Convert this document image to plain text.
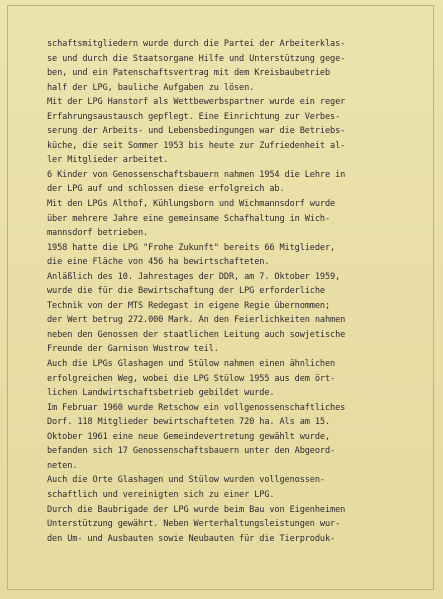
schaftsmitgliedern wurde durch die Partei der Arbeiterklas-
se und durch die Staatsorgane Hilfe und Unterstützung gege-
ben, und ein Patenschaftsvertrag mit dem Kreisbaubetrieb
half der LPG, bauliche Aufgaben zu lösen.
Mit der LPG Hanstorf als Wettbewerbspartner wurde ein reger
Erfahrungsaustausch gepflegt. Eine Einrichtung zur Verbes-
serung der Arbeits- und Lebensbedingungen war die Betriebs-
küche, die seit Sommer 1953 bis heute zur Zufriedenheit al-
ler Mitglieder arbeitet.
6 Kinder von Genossenschaftsbauern nahmen 1954 die Lehre in
der LPG auf und schlossen diese erfolgreich ab.
Mit den LPGs Althof, Kühlungsborn und Wichmannsdorf wurde
über mehrere Jahre eine gemeinsame Schafhaltung in Wich-
mannsdorf betrieben.
1958 hatte die LPG "Frohe Zukunft" bereits 66 Mitglieder,
die eine Fläche von 456 ha bewirtschafteten.
Anläßlich des 10. Jahrestages der DDR, am 7. Oktober 1959,
wurde die für die Bewirtschaftung der LPG erforderliche
Technik von der MTS Redegast in eigene Regie übernommen;
der Wert betrug 272.000 Mark. An den Feierlichkeiten nahmen
neben den Genossen der staatlichen Leitung auch sowjetische
Freunde der Garnison Wustrow teil.
Auch die LPGs Glashagen und Stülow nahmen einen ähnlichen
erfolgreichen Weg, wobei die LPG Stülow 1955 aus dem ört-
lichen Landwirtschaftsbetrieb gebildet wurde.
Im Februar 1960 wurde Retschow ein vollgenossenschaftliches
Dorf. 118 Mitglieder bewirtschafteten 720 ha. Als am 15.
Oktober 1961 eine neue Gemeindevertretung gewählt wurde,
befanden sich 17 Genossenschaftsbauern unter den Abgeord-
neten.
Auch die Orte Glashagen und Stülow wurden vollgenossen-
schaftlich und vereinigten sich zu einer LPG.
Durch die Baubrigade der LPG wurde beim Bau von Eigenheimen
Unterstützung gewährt. Neben Werterhaltungsleistungen wur-
den Um- und Ausbauten sowie Neubauten für die Tierproduk-
